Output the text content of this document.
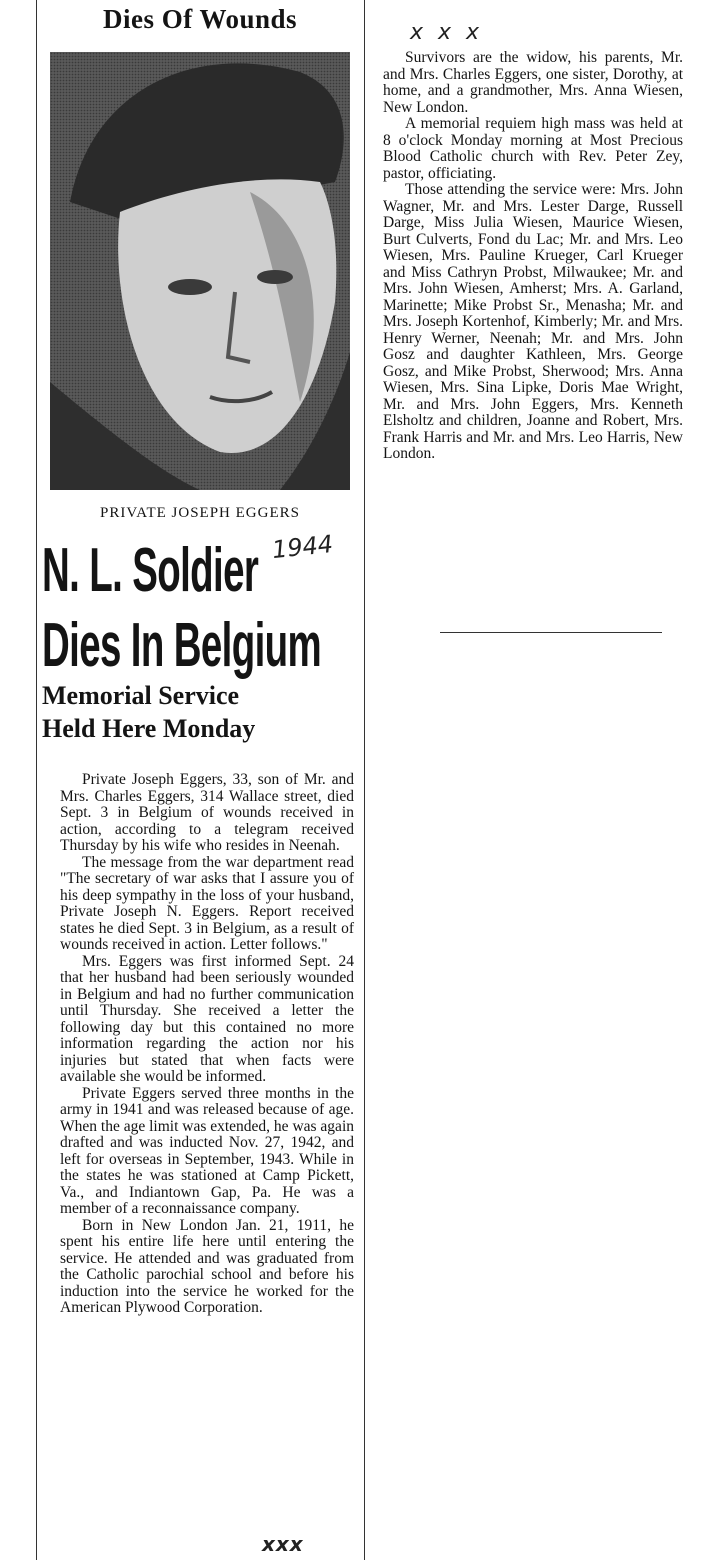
Dies Of Wounds	x x x
PRIVATE JOSEPH EGGERS
N. L. Soldier 1944
Dies In Belgium
Memorial Service
Held Here Monday

Private Joseph Eggers, 33, son of Mr. and Mrs. Charles Eggers, 314 Wallace street, died Sept. 3 in Belgium of wounds received in action, according to a telegram received Thursday by his wife who resides in Neenah.

The message from the war department read "The secretary of war asks that I assure you of his deep sympathy in the loss of your husband, Private Joseph N. Eggers. Report received states he died Sept. 3 in Belgium, as a result of wounds received in action. Letter follows."

Mrs. Eggers was first informed Sept. 24 that her husband had been seriously wounded in Belgium and had no further communication until Thursday. She received a letter the following day but this contained no more information regarding the action nor his injuries but stated that when facts were available she would be informed.

Private Eggers served three months in the army in 1941 and was released because of age. When the age limit was extended, he was again drafted and was inducted Nov. 27, 1942, and left for overseas in September, 1943. While in the states he was stationed at Camp Pickett, Va., and Indiantown Gap, Pa. He was a member of a reconnaissance company.

Born in New London Jan. 21, 1911, he spent his entire life here until entering the service. He attended and was graduated from the Catholic parochial school and before his induction into the service he worked for the American Plywood Corporation.

xxx

Survivors are the widow, his parents, Mr. and Mrs. Charles Eggers, one sister, Dorothy, at home, and a grandmother, Mrs. Anna Wiesen, New London.

A memorial requiem high mass was held at 8 o'clock Monday morning at Most Precious Blood Catholic church with Rev. Peter Zey, pastor, officiating.

Those attending the service were: Mrs. John Wagner, Mr. and Mrs. Lester Darge, Russell Darge, Miss Julia Wiesen, Maurice Wiesen, Burt Culverts, Fond du Lac; Mr. and Mrs. Leo Wiesen, Mrs. Pauline Krueger, Carl Krueger and Miss Cathryn Probst, Milwaukee; Mr. and Mrs. John Wiesen, Amherst; Mrs. A. Garland, Marinette; Mike Probst Sr., Menasha; Mr. and Mrs. Joseph Kortenhof, Kimberly; Mr. and Mrs. Henry Werner, Neenah; Mr. and Mrs. John Gosz and daughter Kathleen, Mrs. George Gosz, and Mike Probst, Sherwood; Mrs. Anna Wiesen, Mrs. Sina Lipke, Doris Mae Wright, Mr. and Mrs. John Eggers, Mrs. Kenneth Elsholtz and children, Joanne and Robert, Mrs. Frank Harris and Mr. and Mrs. Leo Harris, New London.
